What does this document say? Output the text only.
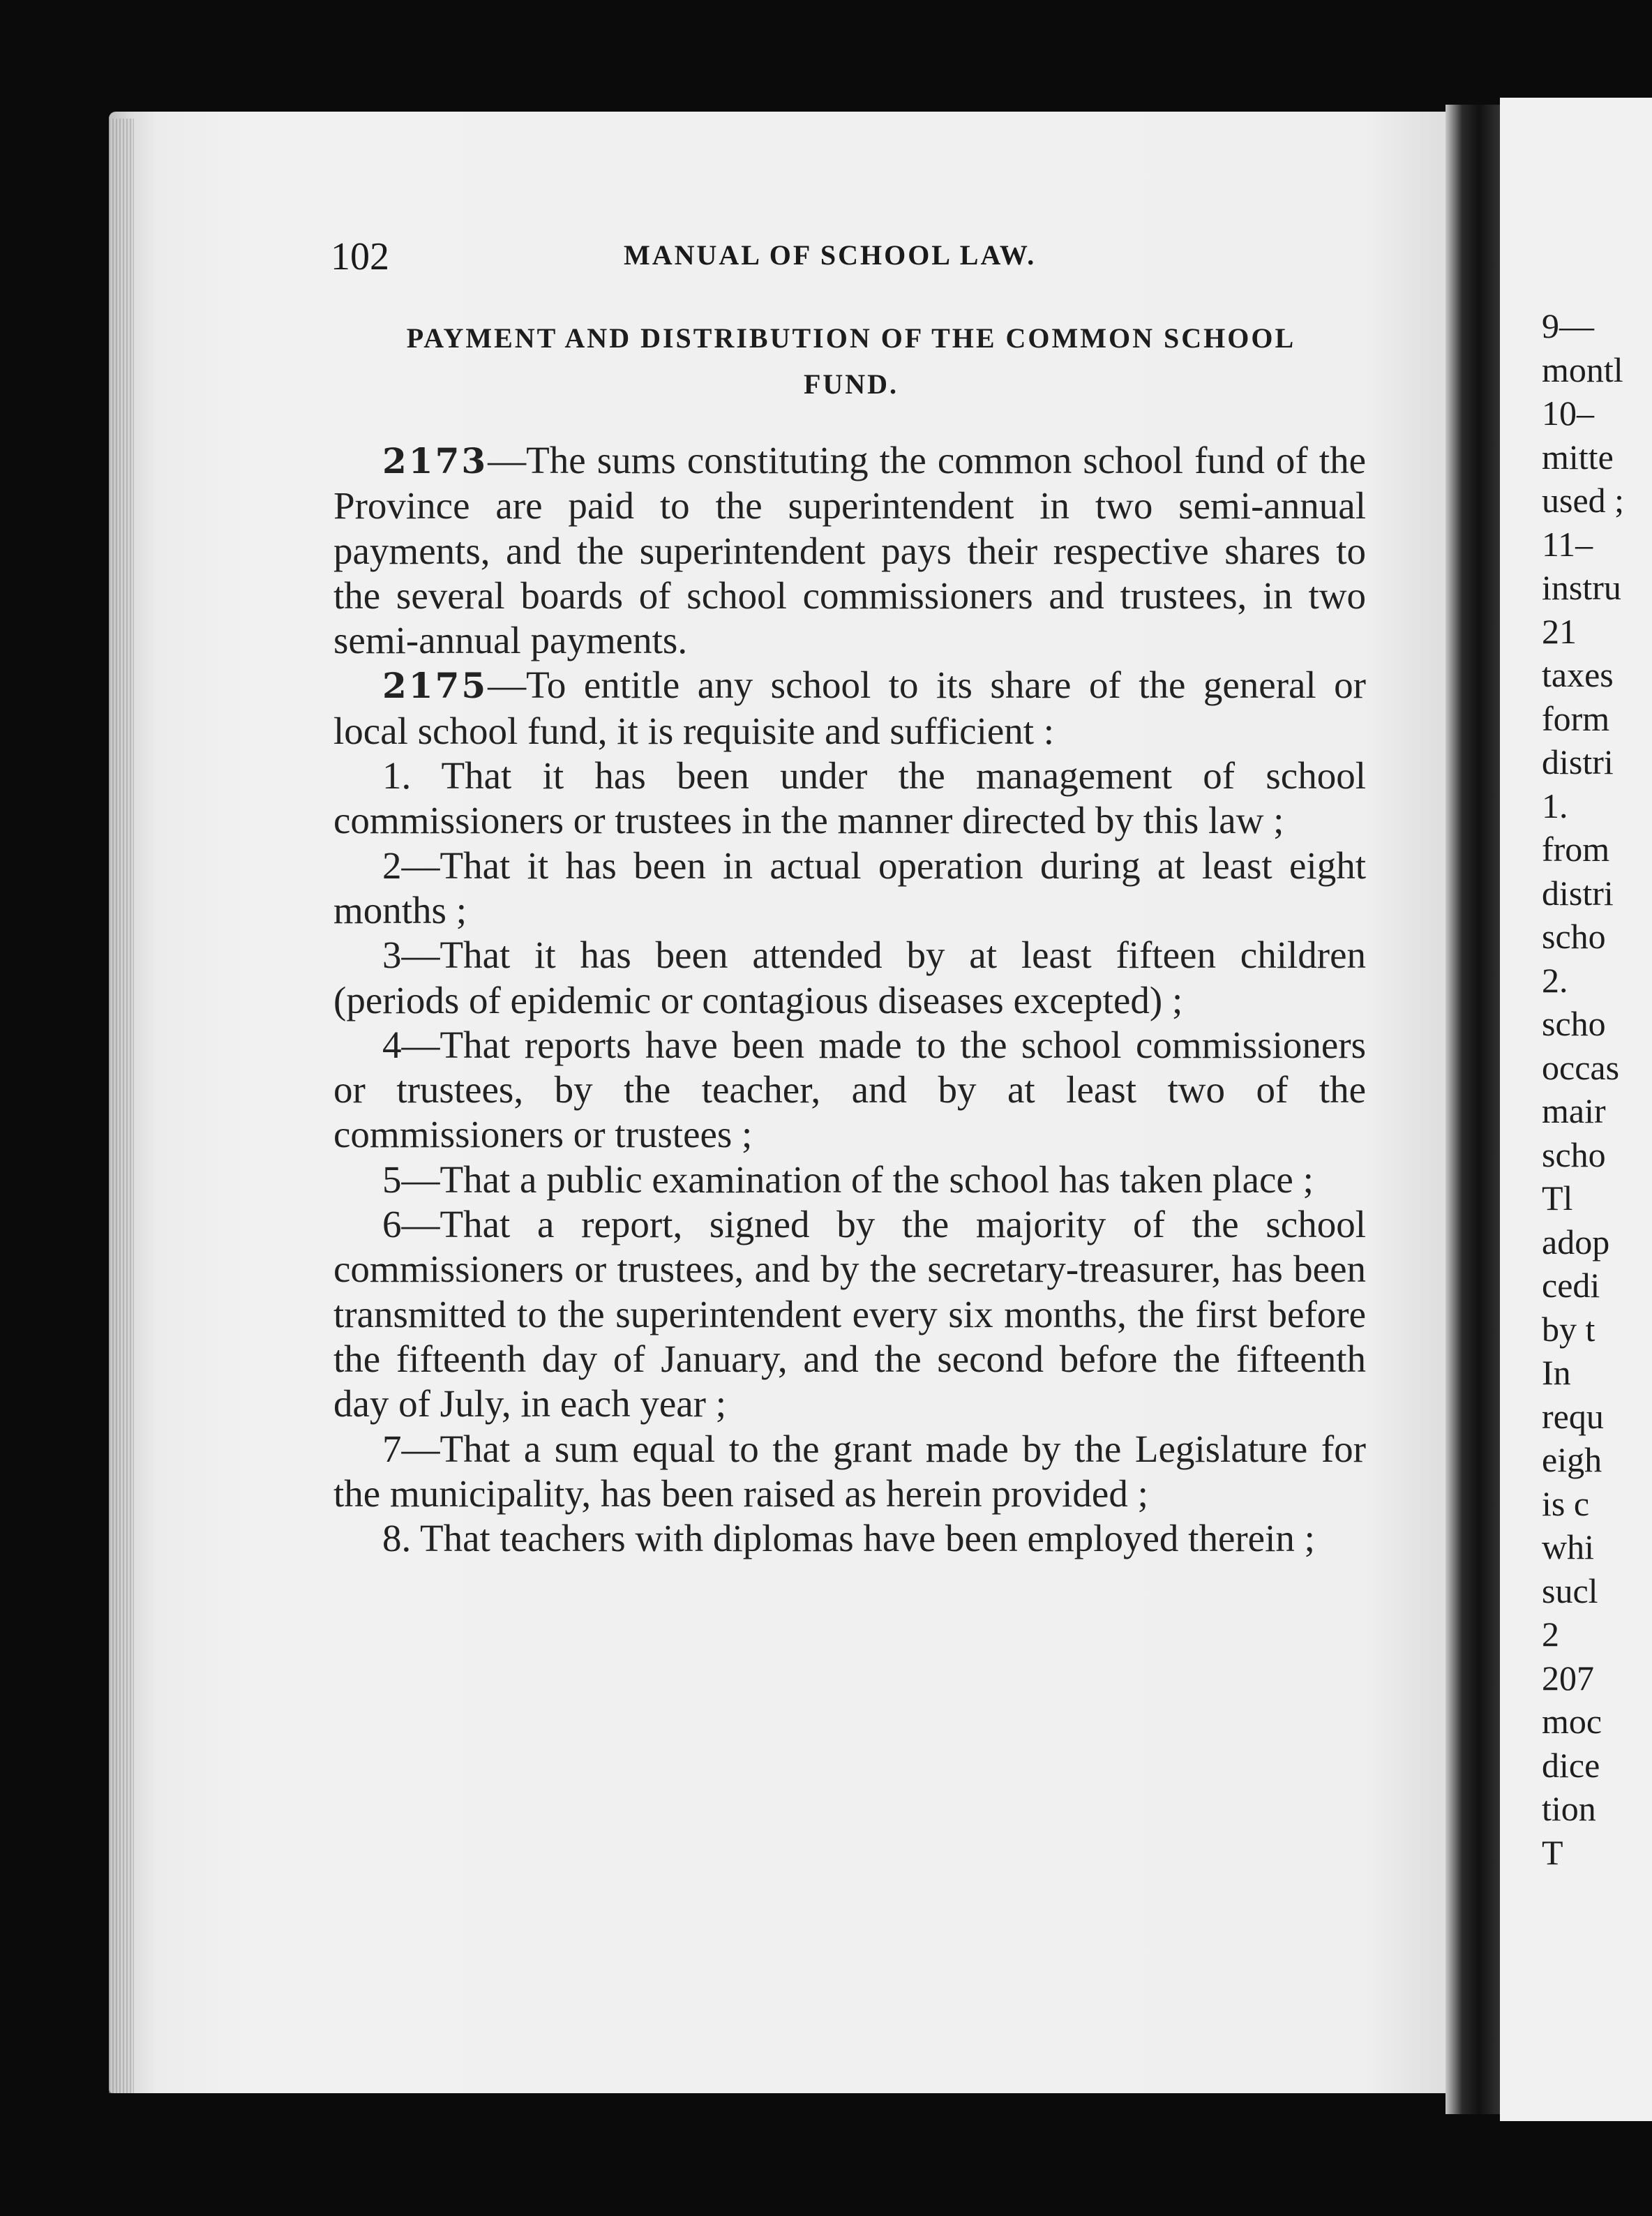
102	MANUAL OF SCHOOL LAW.
PAYMENT AND DISTRIBUTION OF THE COMMON SCHOOL
FUND.

2173—The sums constituting the common school fund of the Province are paid to the superintendent in two semi-annual payments, and the superintendent pays their respective shares to the several boards of school commissioners and trustees, in two semi-annual payments.

2175—To entitle any school to its share of the general or local school fund, it is requisite and sufficient :

1. That it has been under the management of school commissioners or trustees in the manner directed by this law ;

2—That it has been in actual operation during at least eight months ;

3—That it has been attended by at least fifteen children (periods of epidemic or contagious diseases excepted) ;

4—That reports have been made to the school commissioners or trustees, by the teacher, and by at least two of the commissioners or trustees ;

5—That a public examination of the school has taken place ;

6—That a report, signed by the majority of the school commissioners or trustees, and by the secretary-treasurer, has been transmitted to the superintendent every six months, the first before the fifteenth day of January, and the second before the fifteenth day of July, in each year ;

7—That a sum equal to the grant made by the Legislature for the municipality, has been raised as herein provided ;

8. That teachers with diplomas have been employed therein ;

9—
montl
10–
mitte
used ;
11–
instru
21
taxes
form
distri
1.
from
distri
scho
2.
scho
occas
mair
scho
Tl
adop
cedi
by t
In
requ
eigh
is c
whi
sucl
2
207
moc
dice
tion
T
